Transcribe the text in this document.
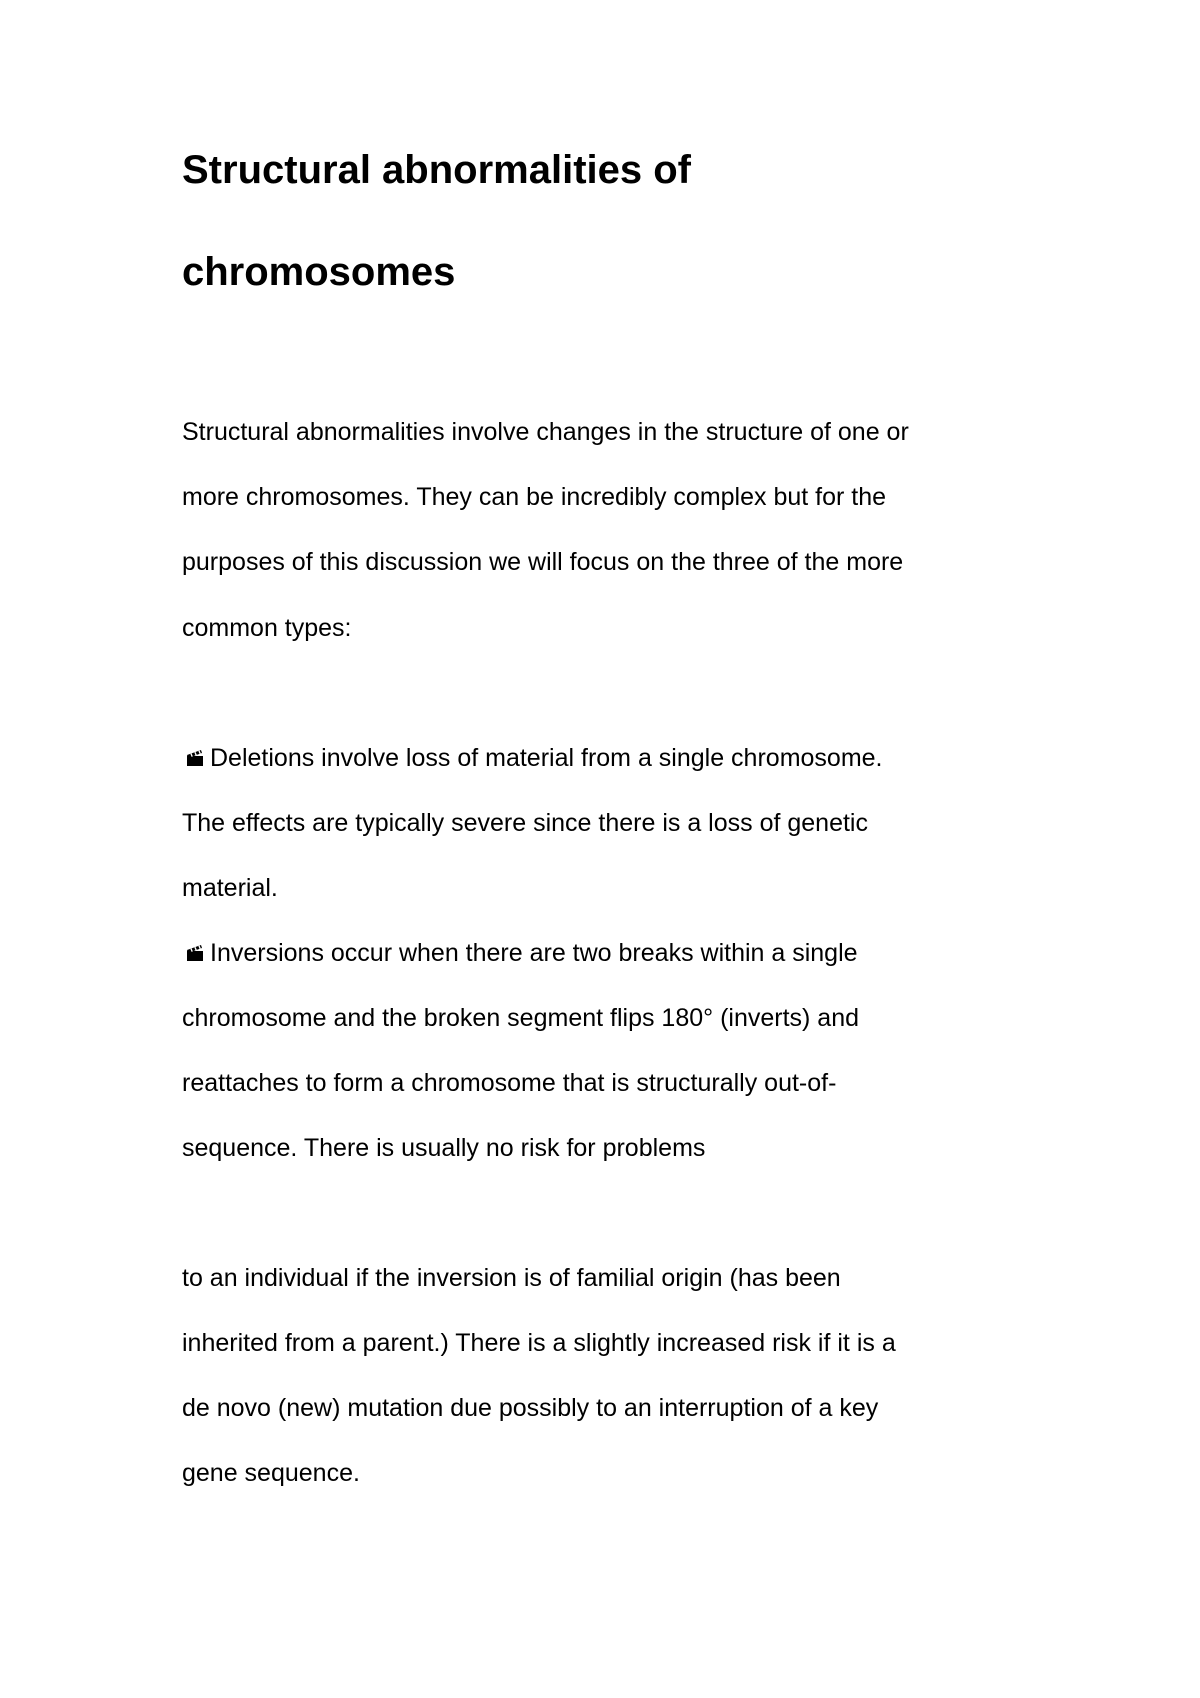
Structural abnormalities of
chromosomes

Structural abnormalities involve changes in the structure of one or

more chromosomes. They can be incredibly complex but for the

purposes of this discussion we will focus on the three of the more

common types:

Deletions involve loss of material from a single chromosome.

The effects are typically severe since there is a loss of genetic

material.

Inversions occur when there are two breaks within a single

chromosome and the broken segment flips 180° (inverts) and

reattaches to form a chromosome that is structurally out-of-

sequence. There is usually no risk for problems

to an individual if the inversion is of familial origin (has been

inherited from a parent.) There is a slightly increased risk if it is a

de novo (new) mutation due possibly to an interruption of a key

gene sequence.
